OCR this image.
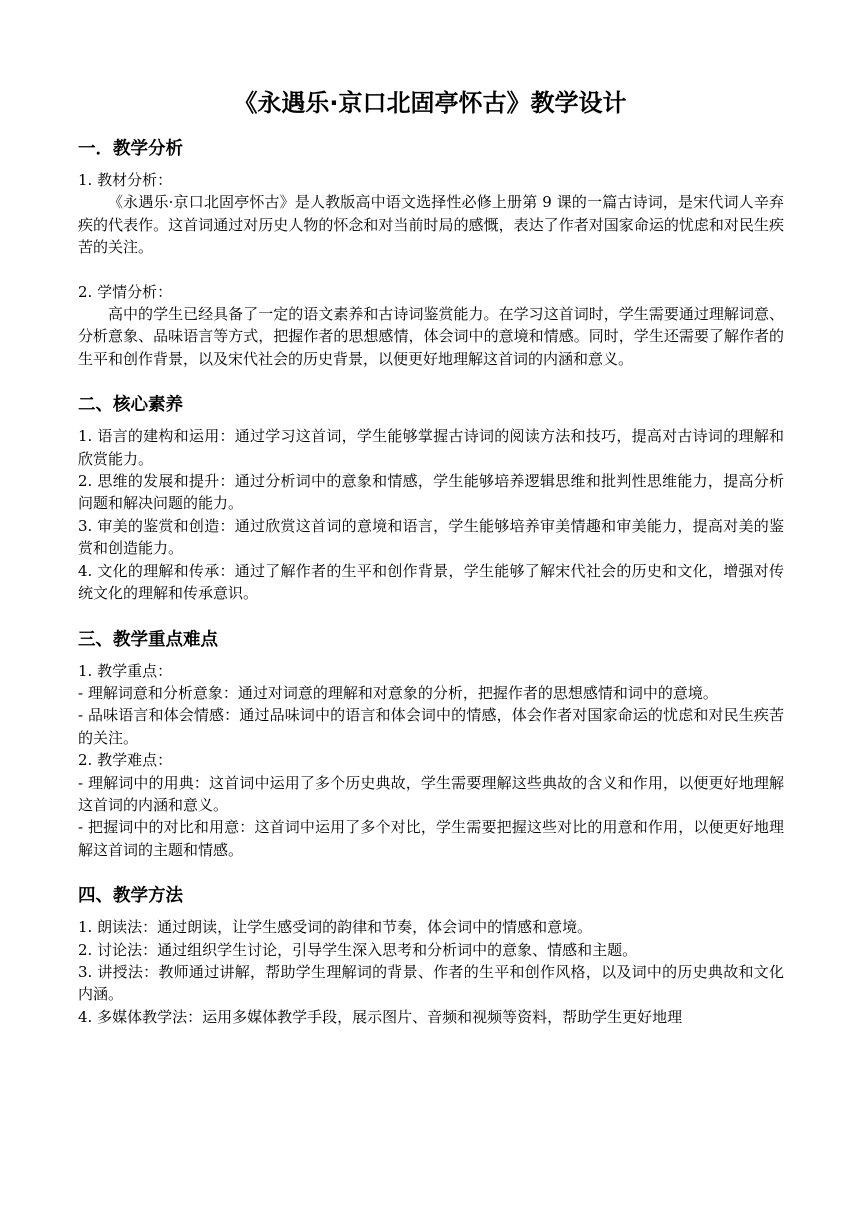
《永遇乐·京口北固亭怀古》教学设计
一．教学分析
1. 教材分析：
《永遇乐·京口北固亭怀古》是人教版高中语文选择性必修上册第 9 课的一篇古诗词，是宋代词人辛弃疾的代表作。这首词通过对历史人物的怀念和对当前时局的感慨，表达了作者对国家命运的忧虑和对民生疾苦的关注。
2. 学情分析：
高中的学生已经具备了一定的语文素养和古诗词鉴赏能力。在学习这首词时，学生需要通过理解词意、分析意象、品味语言等方式，把握作者的思想感情，体会词中的意境和情感。同时，学生还需要了解作者的生平和创作背景，以及宋代社会的历史背景，以便更好地理解这首词的内涵和意义。
二、核心素养
1. 语言的建构和运用：通过学习这首词，学生能够掌握古诗词的阅读方法和技巧，提高对古诗词的理解和欣赏能力。
2. 思维的发展和提升：通过分析词中的意象和情感，学生能够培养逻辑思维和批判性思维能力，提高分析问题和解决问题的能力。
3. 审美的鉴赏和创造：通过欣赏这首词的意境和语言，学生能够培养审美情趣和审美能力，提高对美的鉴赏和创造能力。
4. 文化的理解和传承：通过了解作者的生平和创作背景，学生能够了解宋代社会的历史和文化，增强对传统文化的理解和传承意识。
三、教学重点难点
1. 教学重点：
- 理解词意和分析意象：通过对词意的理解和对意象的分析，把握作者的思想感情和词中的意境。
- 品味语言和体会情感：通过品味词中的语言和体会词中的情感，体会作者对国家命运的忧虑和对民生疾苦的关注。
2. 教学难点：
- 理解词中的用典：这首词中运用了多个历史典故，学生需要理解这些典故的含义和作用，以便更好地理解这首词的内涵和意义。
- 把握词中的对比和用意：这首词中运用了多个对比，学生需要把握这些对比的用意和作用，以便更好地理解这首词的主题和情感。
四、教学方法
1. 朗读法：通过朗读，让学生感受词的韵律和节奏，体会词中的情感和意境。
2. 讨论法：通过组织学生讨论，引导学生深入思考和分析词中的意象、情感和主题。
3. 讲授法：教师通过讲解，帮助学生理解词的背景、作者的生平和创作风格，以及词中的历史典故和文化内涵。
4. 多媒体教学法：运用多媒体教学手段，展示图片、音频和视频等资料，帮助学生更好地理
